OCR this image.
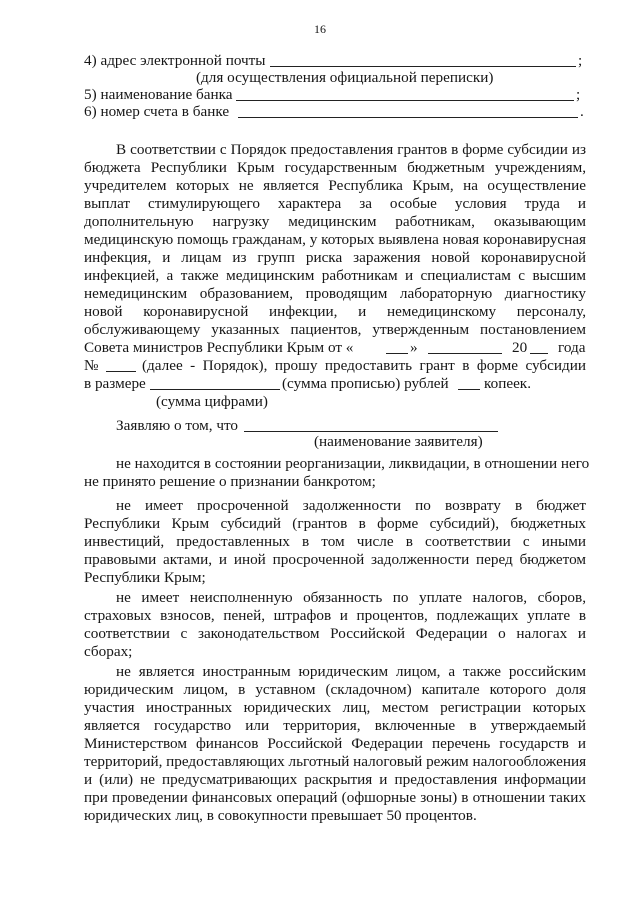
16
4) адрес электронной почты	;
(для осуществления официальной переписки)
5) наименование банка	;
6) номер счета в банке	.
В соответствии с Порядок предоставления грантов в форме субсидии из
бюджета Республики Крым государственным бюджетным учреждениям,
учредителем которых не является Республика Крым, на осуществление
выплат стимулирующего характера за особые условия труда и
дополнительную нагрузку медицинским работникам, оказывающим
медицинскую помощь гражданам, у которых выявлена новая коронавирусная
инфекция, и лицам из групп риска заражения новой коронавирусной
инфекцией, а также медицинским работникам и специалистам с высшим
немедицинским образованием, проводящим лабораторную диагностику
новой коронавирусной инфекции, и немедицинскому персоналу,
обслуживающему указанных пациентов, утвержденным постановлением
Совета министров Республики Крым от «	»	20 года
№	(далее - Порядок), прошу предоставить грант в форме субсидии
в размере	(сумма прописью) рублей копеек.
(сумма цифрами)
Заявляю о том, что
(наименование заявителя)
не находится в состоянии реорганизации, ликвидации, в отношении него
не принято решение о признании банкротом;
не имеет просроченной задолженности по возврату в бюджет
Республики Крым субсидий (грантов в форме субсидий), бюджетных
инвестиций, предоставленных в том числе в соответствии с иными
правовыми актами, и иной просроченной задолженности перед бюджетом
Республики Крым;
не имеет неисполненную обязанность по уплате налогов, сборов,
страховых взносов, пеней, штрафов и процентов, подлежащих уплате в
соответствии с законодательством Российской Федерации о налогах и
сборах;
не является иностранным юридическим лицом, а также российским
юридическим лицом, в уставном (складочном) капитале которого доля
участия иностранных юридических лиц, местом регистрации которых
является государство или территория, включенные в утверждаемый
Министерством финансов Российской Федерации перечень государств и
территорий, предоставляющих льготный налоговый режим налогообложения
и (или) не предусматривающих раскрытия и предоставления информации
при проведении финансовых операций (офшорные зоны) в отношении таких
юридических лиц, в совокупности превышает 50 процентов.
